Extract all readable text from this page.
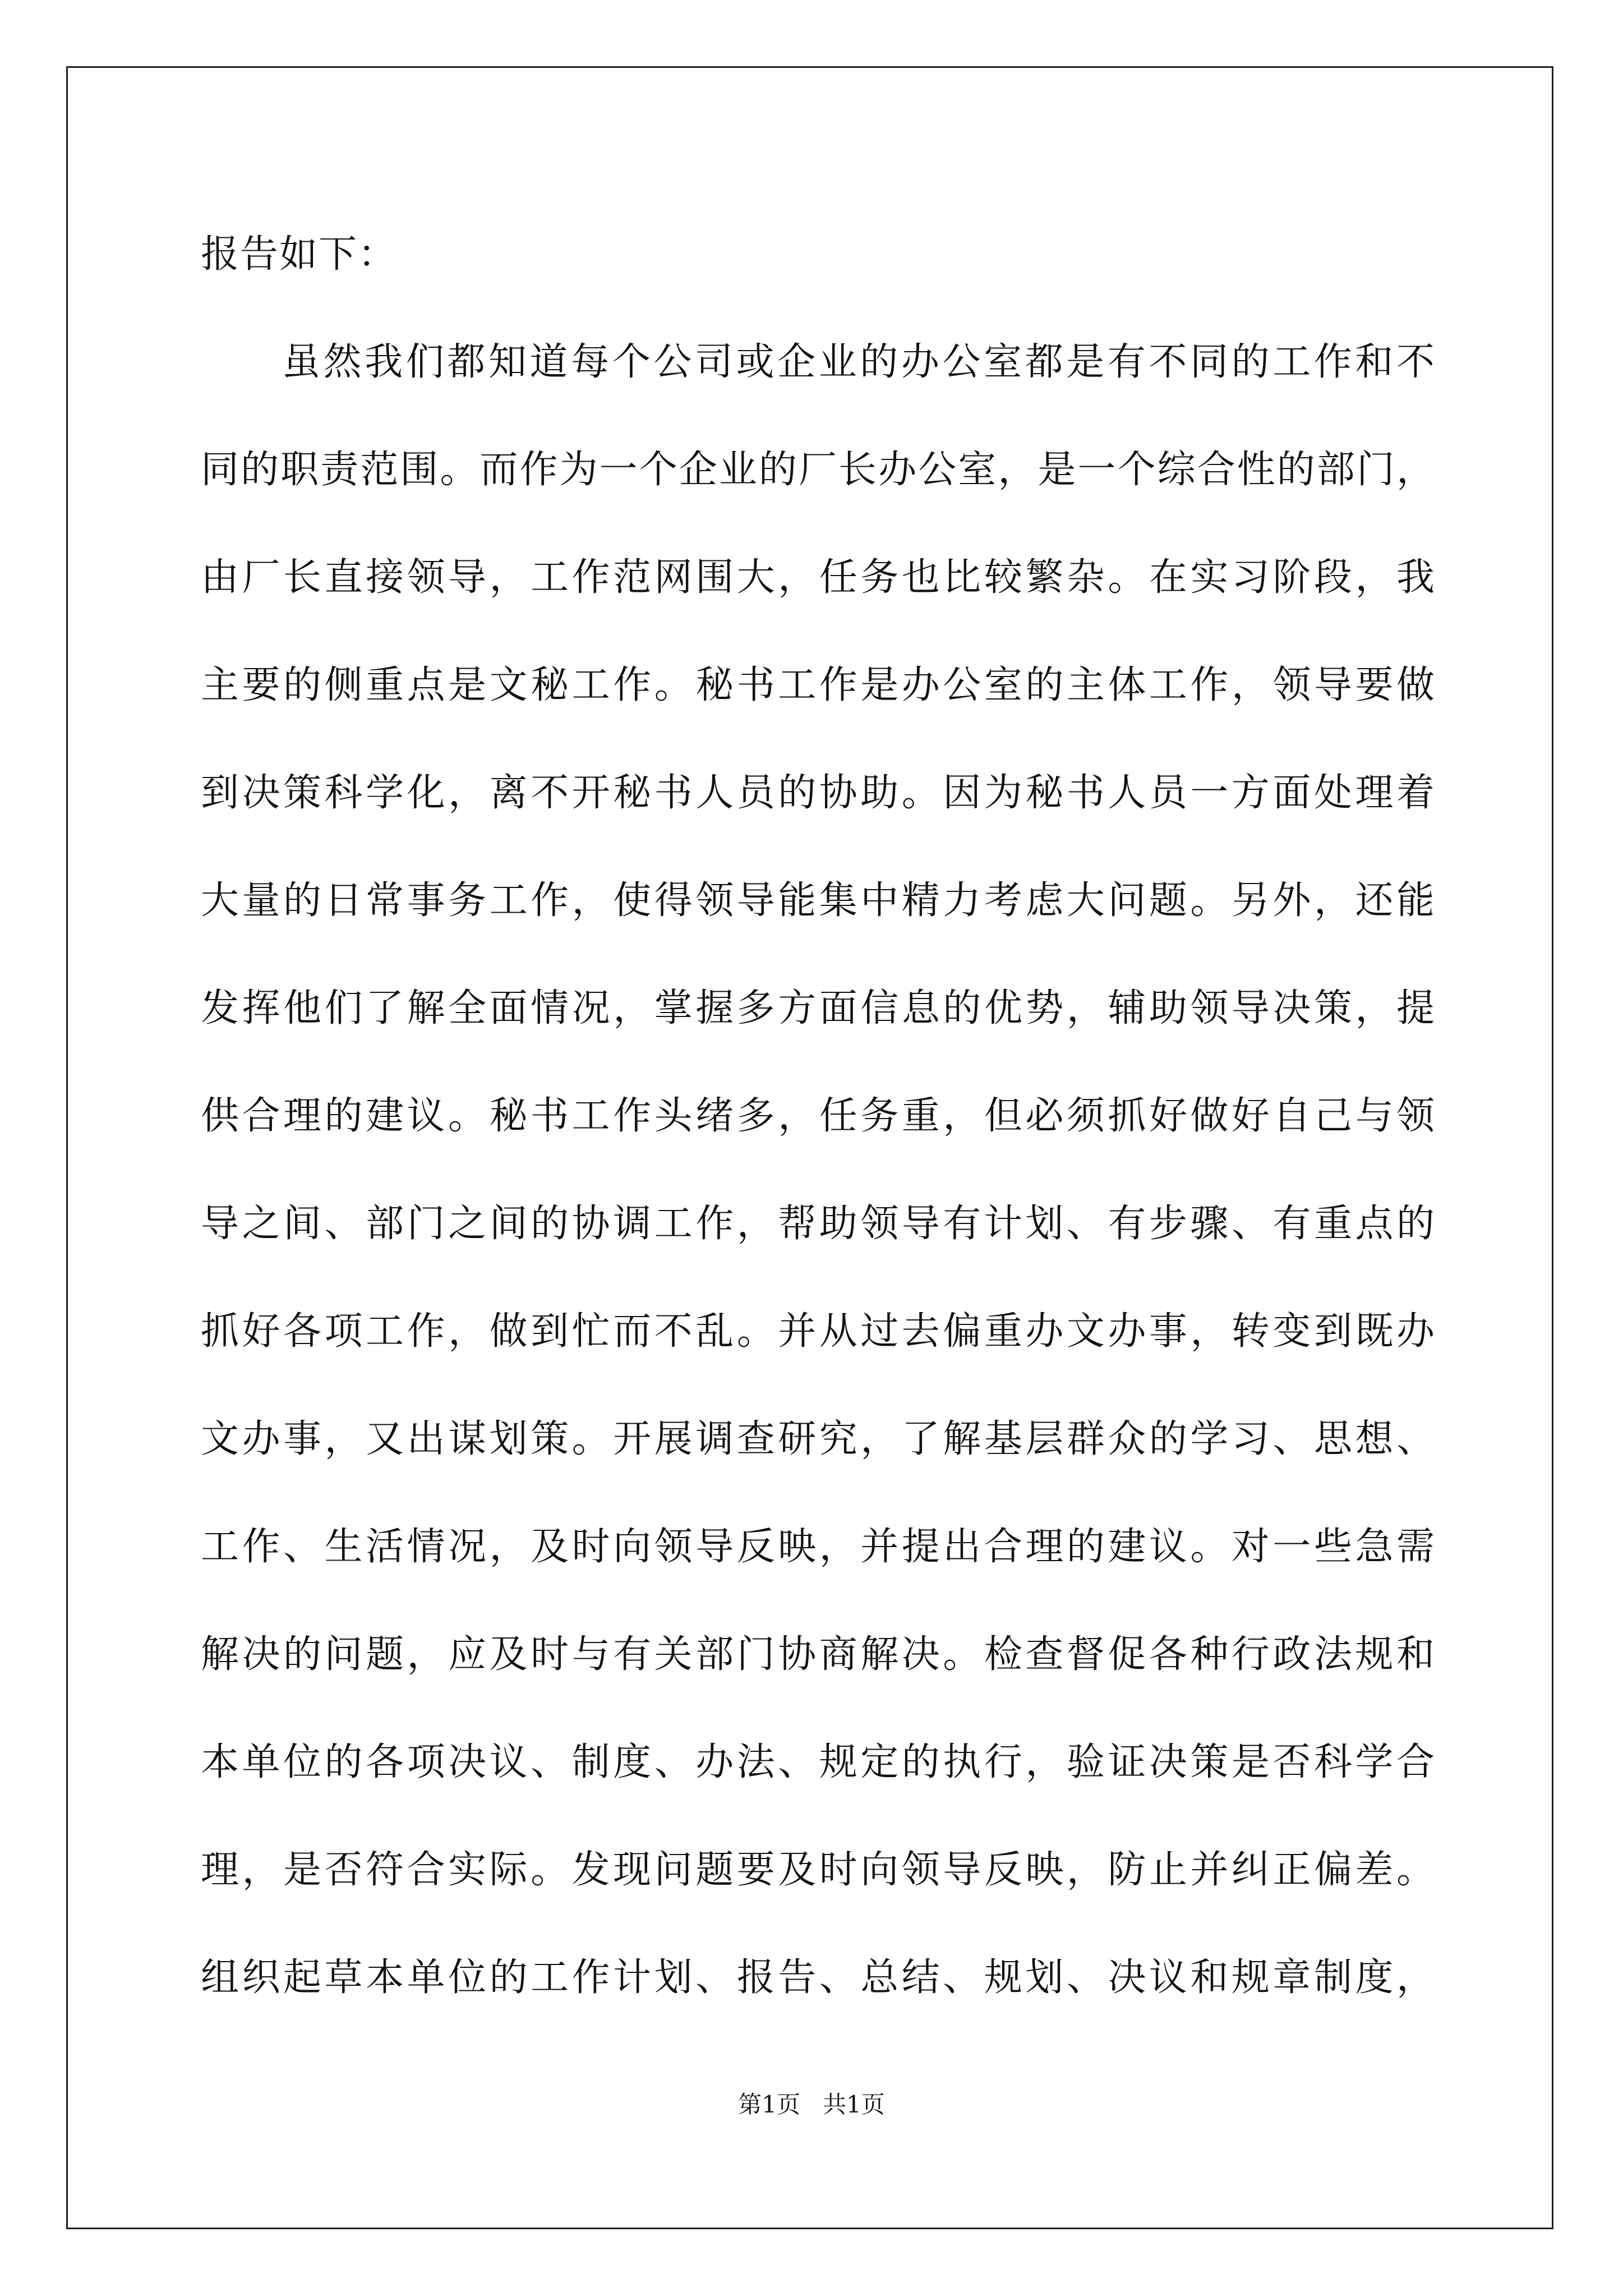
报告如下：
虽然我们都知道每个公司或企业的办公室都是有不同的工作和不
同的职责范围。而作为一个企业的厂长办公室，是一个综合性的部门，
由厂长直接领导，工作范网围大，任务也比较繁杂。在实习阶段，我
主要的侧重点是文秘工作。秘书工作是办公室的主体工作，领导要做
到决策科学化，离不开秘书人员的协助。因为秘书人员一方面处理着
大量的日常事务工作，使得领导能集中精力考虑大问题。另外，还能
发挥他们了解全面情况，掌握多方面信息的优势，辅助领导决策，提
供合理的建议。秘书工作头绪多，任务重，但必须抓好做好自己与领
导之间、部门之间的协调工作，帮助领导有计划、有步骤、有重点的
抓好各项工作，做到忙而不乱。并从过去偏重办文办事，转变到既办
文办事，又出谋划策。开展调查研究，了解基层群众的学习、思想、
工作、生活情况，及时向领导反映，并提出合理的建议。对一些急需
解决的问题，应及时与有关部门协商解决。检查督促各种行政法规和
本单位的各项决议、制度、办法、规定的执行，验证决策是否科学合
理，是否符合实际。发现问题要及时向领导反映，防止并纠正偏差。
组织起草本单位的工作计划、报告、总结、规划、决议和规章制度，
第1页   共1页
